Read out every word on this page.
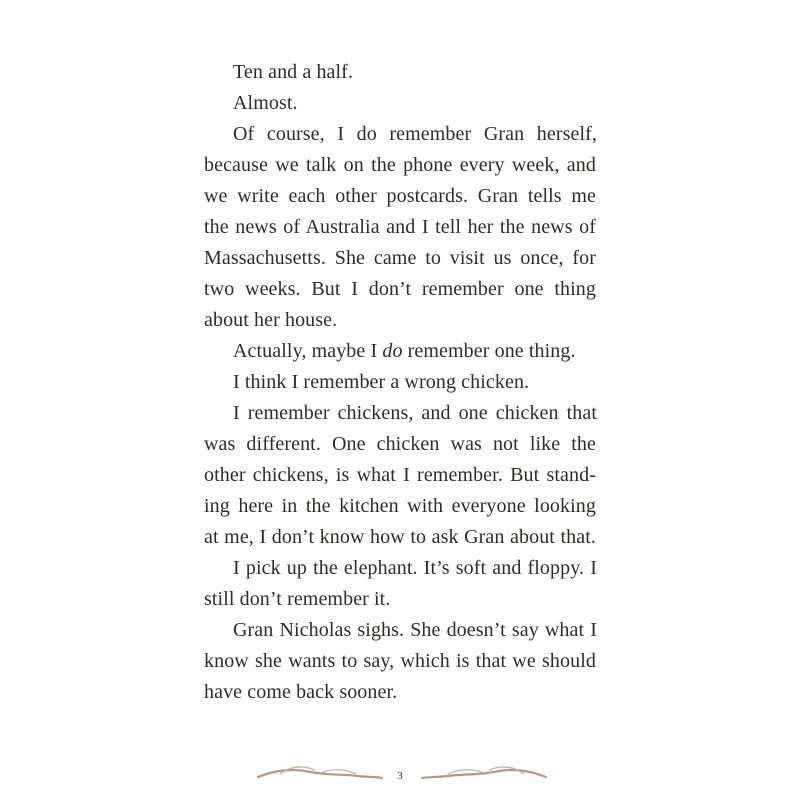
Ten and a half.
Almost.
Of course, I do remember Gran herself,
because we talk on the phone every week, and
we write each other postcards. Gran tells me
the news of Australia and I tell her the news of
Massachusetts. She came to visit us once, for
two weeks. But I don’t remember one thing
about her house.
Actually, maybe I do remember one thing.
I think I remember a wrong chicken.
I remember chickens, and one chicken that
was different. One chicken was not like the
other chickens, is what I remember. But stand-
ing here in the kitchen with everyone looking
at me, I don’t know how to ask Gran about that.
I pick up the elephant. It’s soft and floppy. I
still don’t remember it.
Gran Nicholas sighs. She doesn’t say what I
know she wants to say, which is that we should
have come back sooner.
3
